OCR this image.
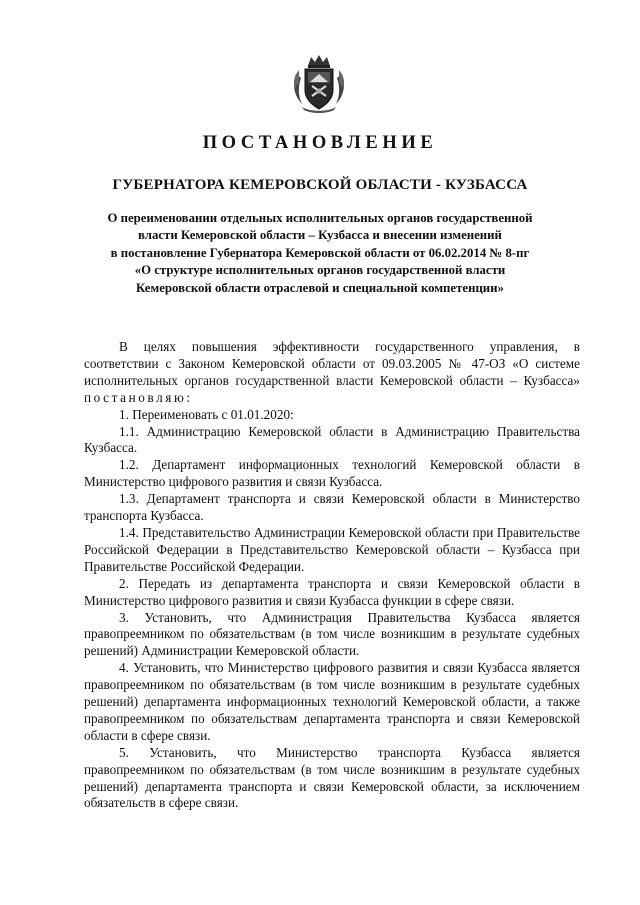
ПОСТАНОВЛЕНИЕ
ГУБЕРНАТОРА КЕМЕРОВСКОЙ ОБЛАСТИ - КУЗБАССА
О переименовании отдельных исполнительных органов государственной
власти Кемеровской области – Кузбасса и внесении изменений
в постановление Губернатора Кемеровской области от 06.02.2014 № 8-пг
«О структуре исполнительных органов государственной власти
Кемеровской области отраслевой и специальной компетенции»

В целях повышения эффективности государственного управления, в соответствии с Законом Кемеровской области от 09.03.2005 № 47-ОЗ «О системе исполнительных органов государственной власти Кемеровской области – Кузбасса» постановляю:

1. Переименовать с 01.01.2020:

1.1. Администрацию Кемеровской области в Администрацию Правительства Кузбасса.

1.2. Департамент информационных технологий Кемеровской области в Министерство цифрового развития и связи Кузбасса.

1.3. Департамент транспорта и связи Кемеровской области в Министерство транспорта Кузбасса.

1.4. Представительство Администрации Кемеровской области при Правительстве Российской Федерации в Представительство Кемеровской области – Кузбасса при Правительстве Российской Федерации.

2. Передать из департамента транспорта и связи Кемеровской области в Министерство цифрового развития и связи Кузбасса функции в сфере связи.

3. Установить, что Администрация Правительства Кузбасса является правопреемником по обязательствам (в том числе возникшим в результате судебных решений) Администрации Кемеровской области.

4. Установить, что Министерство цифрового развития и связи Кузбасса является правопреемником по обязательствам (в том числе возникшим в результате судебных решений) департамента информационных технологий Кемеровской области, а также правопреемником по обязательствам департамента транспорта и связи Кемеровской области в сфере связи.

5. Установить, что Министерство транспорта Кузбасса является правопреемником по обязательствам (в том числе возникшим в результате судебных решений) департамента транспорта и связи Кемеровской области, за исключением обязательств в сфере связи.
